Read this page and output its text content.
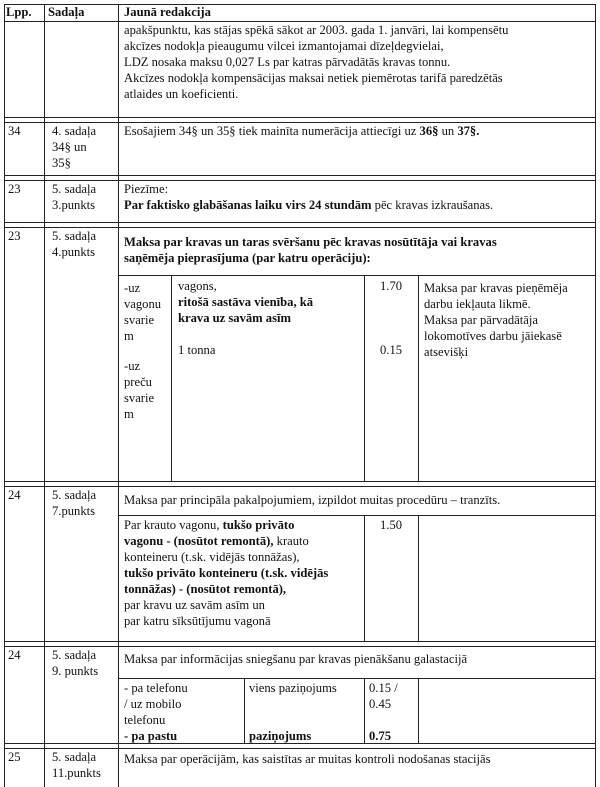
Lpp. Sadaļa	Jaunā redakcija
apakšpunktu, kas stājas spēkā sākot ar 2003. gada 1. janvāri, lai kompensētu
akcīzes nodokļa pieaugumu vilcei izmantojamai dīzeļdegvielai,
LDZ nosaka maksu 0,027 Ls par katras pārvadātās kravas tonnu.
Akcīzes nodokļa kompensācijas maksai netiek piemērotas tarifā paredzētās
atlaides un koeficienti.
34 4. sadaļa
34§ un
35§
Esošajiem 34§ un 35§ tiek mainīta numerācija attiecīgi uz 36§ un 37§.
23 5. sadaļa
3.punkts
Piezīme:
Par faktisko glabāšanas laiku virs 24 stundām pēc kravas izkraušanas.
23 5. sadaļa
4.punkts
Maksa par kravas un taras svēršanu pēc kravas nosūtītāja vai kravas
saņēmēja pieprasījuma (par katru operāciju):
-uz
vagonu
svarie
m
-uz
preču
svarie
m
vagons,
ritošā sastāva vienība, kā
krava uz savām asīm
1 tonna
1.70
0.15
Maksa par kravas pieņēmēja
darbu iekļauta likmē.
Maksa par pārvadātāja
lokomotīves darbu jāiekasē
atsevišķi
24 5. sadaļa
7.punkts
Maksa par principāla pakalpojumiem, izpildot muitas procedūru – tranzīts.
Par krauto vagonu, tukšo privāto
vagonu - (nosūtot remontā), krauto
konteineru (t.sk. vidējās tonnāžas),
tukšo privāto konteineru (t.sk. vidējās
tonnāžas) - (nosūtot remontā),
par kravu uz savām asīm un
par katru sīksūtījumu vagonā
1.50
24 5. sadaļa
9. punkts
Maksa par informācijas sniegšanu par kravas pienākšanu galastacijā
- pa telefonu
/ uz mobilo
telefonu
- pa pastu
viens paziņojums
paziņojums
0.15 /
0.45
0.75
25 5. sadaļa
11.punkts
Maksa par operācijām, kas saistītas ar muitas kontroli nodošanas stacijās
